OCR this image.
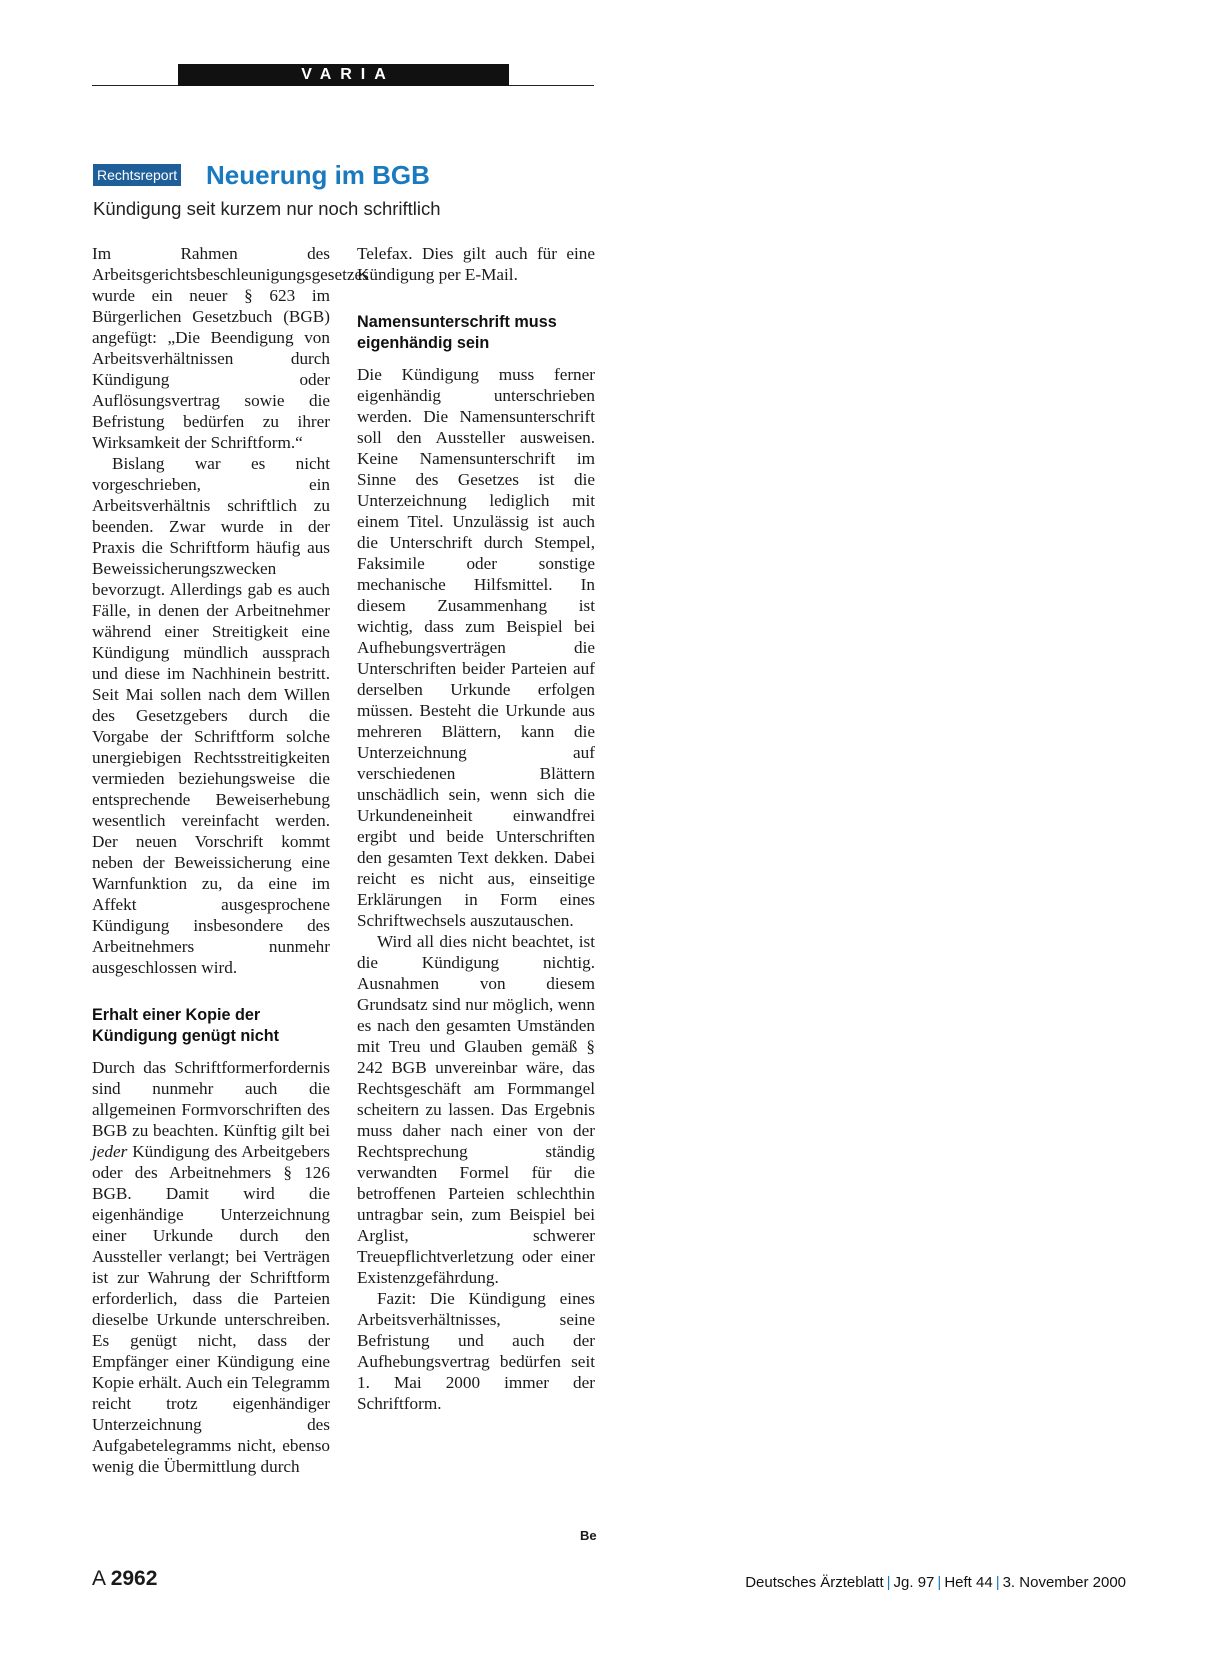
VARIA
Rechtsreport Neuerung im BGB

Kündigung seit kurzem nur noch schriftlich

Im Rahmen des Arbeitsgerichtsbeschleunigungsgesetzes wurde ein neuer § 623 im Bürgerlichen Gesetzbuch (BGB) angefügt: „Die Beendigung von Arbeitsverhältnissen durch Kündigung oder Auflösungsvertrag sowie die Befristung bedürfen zu ihrer Wirksamkeit der Schriftform.“

Bislang war es nicht vorgeschrieben, ein Arbeitsverhältnis schriftlich zu beenden. Zwar wurde in der Praxis die Schriftform häufig aus Beweissicherungszwecken bevorzugt. Allerdings gab es auch Fälle, in denen der Arbeitnehmer während einer Streitigkeit eine Kündigung mündlich aussprach und diese im Nachhinein bestritt. Seit Mai sollen nach dem Willen des Gesetzgebers durch die Vorgabe der Schriftform solche unergiebigen Rechtsstreitigkeiten vermieden beziehungsweise die entsprechende Beweiserhebung wesentlich vereinfacht werden. Der neuen Vorschrift kommt neben der Beweissicherung eine Warnfunktion zu, da eine im Affekt ausgesprochene Kündigung insbesondere des Arbeitnehmers nunmehr ausgeschlossen wird.

Erhalt einer Kopie der Kündigung genügt nicht

Durch das Schriftformerfordernis sind nunmehr auch die allgemeinen Formvorschriften des BGB zu beachten. Künftig gilt bei jeder Kündigung des Arbeitgebers oder des Arbeitnehmers § 126 BGB. Damit wird die eigenhändige Unterzeichnung einer Urkunde durch den Aussteller verlangt; bei Verträgen ist zur Wahrung der Schriftform erforderlich, dass die Parteien dieselbe Urkunde unterschreiben. Es genügt nicht, dass der Empfänger einer Kündigung eine Kopie erhält. Auch ein Telegramm reicht trotz eigenhändiger Unterzeichnung des Aufgabetelegramms nicht, ebenso wenig die Übermittlung durch

Telefax. Dies gilt auch für eine Kündigung per E-Mail.

Namensunterschrift muss eigenhändig sein

Die Kündigung muss ferner eigenhändig unterschrieben werden. Die Namensunterschrift soll den Aussteller ausweisen. Keine Namensunterschrift im Sinne des Gesetzes ist die Unterzeichnung lediglich mit einem Titel. Unzulässig ist auch die Unterschrift durch Stempel, Faksimile oder sonstige mechanische Hilfsmittel. In diesem Zusammenhang ist wichtig, dass zum Beispiel bei Aufhebungsverträgen die Unterschriften beider Parteien auf derselben Urkunde erfolgen müssen. Besteht die Urkunde aus mehreren Blättern, kann die Unterzeichnung auf verschiedenen Blättern unschädlich sein, wenn sich die Urkundeneinheit einwandfrei ergibt und beide Unterschriften den gesamten Text dekken. Dabei reicht es nicht aus, einseitige Erklärungen in Form eines Schriftwechsels auszutauschen.

Wird all dies nicht beachtet, ist die Kündigung nichtig. Ausnahmen von diesem Grundsatz sind nur möglich, wenn es nach den gesamten Umständen mit Treu und Glauben gemäß § 242 BGB unvereinbar wäre, das Rechtsgeschäft am Formmangel scheitern zu lassen. Das Ergebnis muss daher nach einer von der Rechtsprechung ständig verwandten Formel für die betroffenen Parteien schlechthin untragbar sein, zum Beispiel bei Arglist, schwerer Treuepflichtverletzung oder einer Existenzgefährdung.

Fazit: Die Kündigung eines Arbeitsverhältnisses, seine Befristung und auch der Aufhebungsvertrag bedürfen seit 1. Mai 2000 immer der Schriftform.

Be
A 2962	Deutsches Ärzteblatt | Jg. 97 | Heft 44 | 3. November 2000
